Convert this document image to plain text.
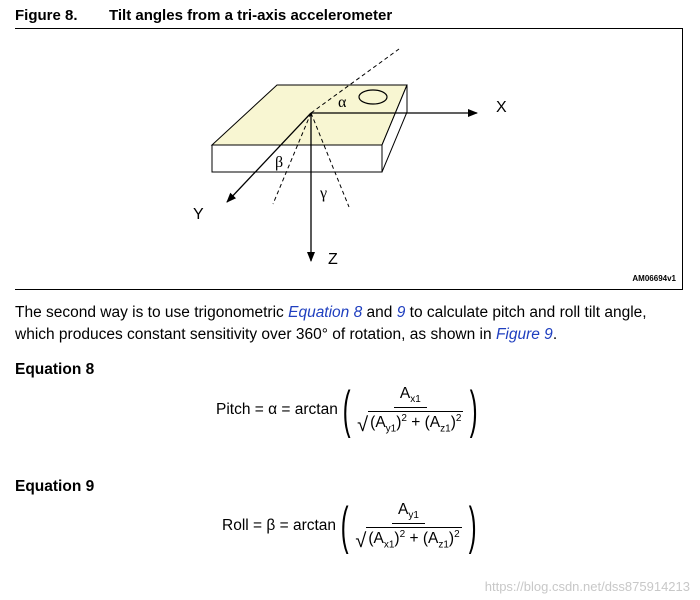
Figure 8. Tilt angles from a tri-axis accelerometer
X
Y
Z
α
β
γ
AM06694v1

The second way is to use trigonometric Equation 8 and 9 to calculate pitch and roll tilt angle, which produces constant sensitivity over 360° of rotation, as shown in Figure 9.

Equation 8
Pitch = α = arctan ( $\frac{A_{x1}}{√ (A_{y1})^2 + (A_{z1})^2}$ )
Equation 9
Roll = β = arctan ( $\frac{A_{y1}}{√ (A_{x1})^2 + (A_{z1})^2}$ )
https://blog.csdn.net/dss875914213
